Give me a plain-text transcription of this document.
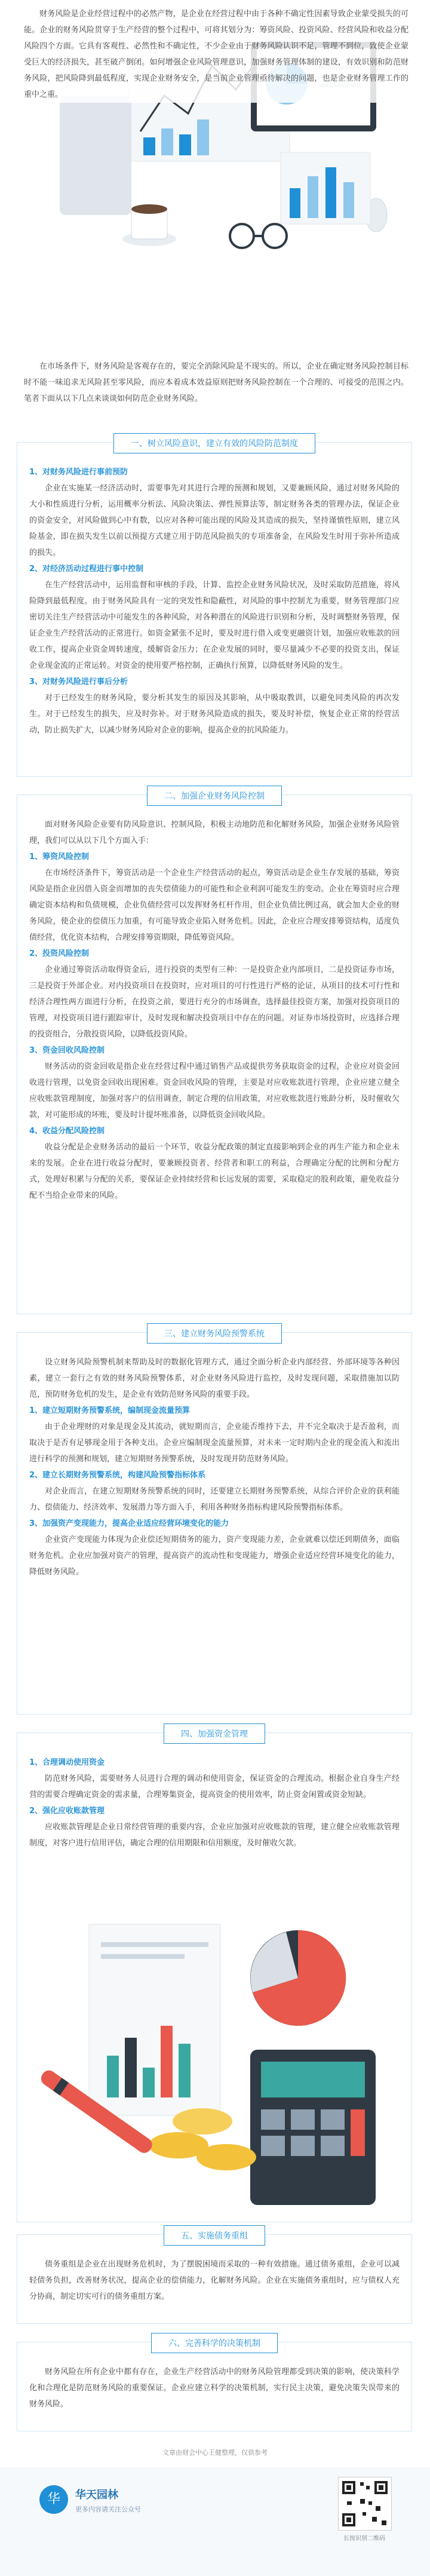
财务风险是企业经营过程中的必然产物，是企业在经营过程中由于各种不确定性因素导致企业蒙受损失的可能。企业的财务风险贯穿于生产经营的整个过程中，可将其划分为：筹资风险、投资风险、经营风险和收益分配风险四个方面。它具有客观性、必然性和不确定性，不少企业由于财务风险认识不足，管理不到位，致使企业蒙受巨大的经济损失，甚至破产倒闭。如何增强企业风险管理意识，加强财务管理体制的建设，有效识别和防范财务风险，把风险降到最低程度，实现企业财务安全，是当前企业管理亟待解决的问题，也是企业财务管理工作的重中之重。

在市场条件下，财务风险是客观存在的，要完全消除风险是不现实的。所以，企业在确定财务风险控制目标时不能一味追求无风险甚至零风险，而应本着成本效益原则把财务风险控制在一个合理的、可接受的范围之内。笔者下面从以下几点来谈谈如何防范企业财务风险。

一、树立风险意识，建立有效的风险防范制度

1、对财务风险进行事前预防

企业在实施某一经济活动时，需要事先对其进行合理的预测和规划，又要兼顾风险，通过对财务风险的大小和性质进行分析，运用概率分析法、风险决策法、弹性预算法等，制定财务各类的管理办法，保证企业的资金安全，对风险做到心中有数，以应对各种可能出现的风险及其造成的损失，坚持谨慎性原则，建立风险基金，即在损失发生以前以预提方式建立用于防范风险损失的专项准备金，在风险发生时用于弥补所造成的损失。

2、对经济活动过程进行事中控制

在生产经营活动中，运用监督和审核的手段，计算、监控企业财务风险状况，及时采取防范措施，将风险降到最低程度。由于财务风险具有一定的突发性和隐蔽性，对风险的事中控制尤为重要，财务管理部门应密切关注生产经营活动中可能发生的各种风险，对各种潜在的风险进行识别和分析，及时调整财务管理，保证企业生产经营活动的正常进行。如资金紧张不足时，要及时进行借入或变更融资计划，加强应收账款的回收工作，提高企业资金周转速度，缓解资金压力；在企业发展的同时，要尽量减少不必要的投资支出，保证企业现金流的正常运转。对资金的使用要严格控制，正确执行预算，以降低财务风险的发生。

3、对财务风险进行事后分析

对于已经发生的财务风险，要分析其发生的原因及其影响，从中吸取教训，以避免同类风险的再次发生。对于已经发生的损失，应及时弥补。对于财务风险造成的损失，要及时补偿，恢复企业正常的经营活动，防止损失扩大，以减少财务风险对企业的影响，提高企业的抗风险能力。

二、加强企业财务风险控制

面对财务风险企业要有防风险意识、控制风险，积极主动地防范和化解财务风险，加强企业财务风险管理，我们可以从以下几个方面入手：

1、筹资风险控制

在市场经济条件下，筹资活动是一个企业生产经营活动的起点，筹资活动是企业生存发展的基础，筹资风险是指企业因借入资金而增加的丧失偿债能力的可能性和企业利润可能发生的变动。企业在筹资时应合理确定资本结构和负债规模，企业负债经营可以发挥财务杠杆作用，但企业负债比例过高，就会加大企业的财务风险，使企业的偿债压力加重，有可能导致企业陷入财务危机。因此，企业应合理安排筹资结构，适度负债经营，优化资本结构，合理安排筹资期限，降低筹资风险。

2、投资风险控制

企业通过筹资活动取得资金后，进行投资的类型有三种：一是投资企业内部项目，二是投资证券市场，三是投资于外部企业。对内投资项目在投资时，应对项目的可行性进行严格的论证，从项目的技术可行性和经济合理性两方面进行分析，在投资之前，要进行充分的市场调查，选择最佳投资方案，加强对投资项目的管理，对投资项目进行跟踪审计，及时发现和解决投资项目中存在的问题。对证券市场投资时，应选择合理的投资组合，分散投资风险，以降低投资风险。

3、资金回收风险控制

财务活动的资金回收是指企业在经营过程中通过销售产品或提供劳务获取资金的过程，企业应对资金回收进行管理，以免资金回收出现困难。资金回收风险的管理，主要是对应收账款进行管理，企业应建立健全应收账款管理制度，加强对客户的信用调查，制定合理的信用政策，对应收账款进行账龄分析，及时催收欠款，对可能形成的坏账，要及时计提坏账准备，以降低资金回收风险。

4、收益分配风险控制

收益分配是企业财务活动的最后一个环节，收益分配政策的制定直接影响到企业的再生产能力和企业未来的发展。企业在进行收益分配时，要兼顾投资者、经营者和职工的利益，合理确定分配的比例和分配方式，处理好积累与分配的关系，要保证企业持续经营和长远发展的需要，采取稳定的股利政策，避免收益分配不当给企业带来的风险。

三、建立财务风险预警系统

设立财务风险预警机制来帮助及时的数据化管理方式，通过全面分析企业内部经营、外部环境等各种因素，建立一套行之有效的财务风险预警体系，对企业财务风险进行监控，及时发现问题，采取措施加以防范，预防财务危机的发生，是企业有效防范财务风险的重要手段。

1、建立短期财务预警系统，编制现金流量预算

由于企业理财的对象是现金及其流动，就短期而言，企业能否维持下去，并不完全取决于是否盈利，而取决于是否有足够现金用于各种支出。企业应编制现金流量预算，对未来一定时期内企业的现金流入和流出进行科学的预测和规划，建立短期财务预警系统，及时发现并防范财务风险。

2、建立长期财务预警系统，构建风险预警指标体系

对企业而言，在建立短期财务预警系统的同时，还要建立长期财务预警系统，从综合评价企业的获利能力、偿债能力、经济效率、发展潜力等方面入手，利用各种财务指标构建风险预警指标体系。

3、加强资产变现能力，提高企业适应经营环境变化的能力

企业资产变现能力体现为企业偿还短期债务的能力，资产变现能力差，企业就难以偿还到期债务，面临财务危机。企业应加强对资产的管理，提高资产的流动性和变现能力，增强企业适应经营环境变化的能力，降低财务风险。

四、加强资金管理

1、合理调动使用资金

防范财务风险，需要财务人员进行合理的调动和使用资金，保证资金的合理流动。根据企业自身生产经营的需要合理确定资金的需求量，合理筹集资金，提高资金的使用效率，防止资金闲置或资金短缺。

2、强化应收账款管理

应收账款管理是企业日常经营管理的重要内容，企业应加强对应收账款的管理，建立健全应收账款管理制度，对客户进行信用评估，确定合理的信用期限和信用额度，及时催收欠款。

五、实施债务重组

债务重组是企业在出现财务危机时，为了摆脱困境而采取的一种有效措施。通过债务重组，企业可以减轻债务负担，改善财务状况，提高企业的偿债能力，化解财务风险。企业在实施债务重组时，应与债权人充分协商，制定切实可行的债务重组方案。

六、完善科学的决策机制

财务风险在所有企业中都有存在，企业生产经营活动中的财务风险管理都受到决策的影响，使决策科学化和合理化是防范财务风险的重要保证。企业应建立科学的决策机制，实行民主决策，避免决策失误带来的财务风险。

文章由财会中心王健整理，仅供参考
华	华天园林
更多内容请关注公众号
长按识别二维码
